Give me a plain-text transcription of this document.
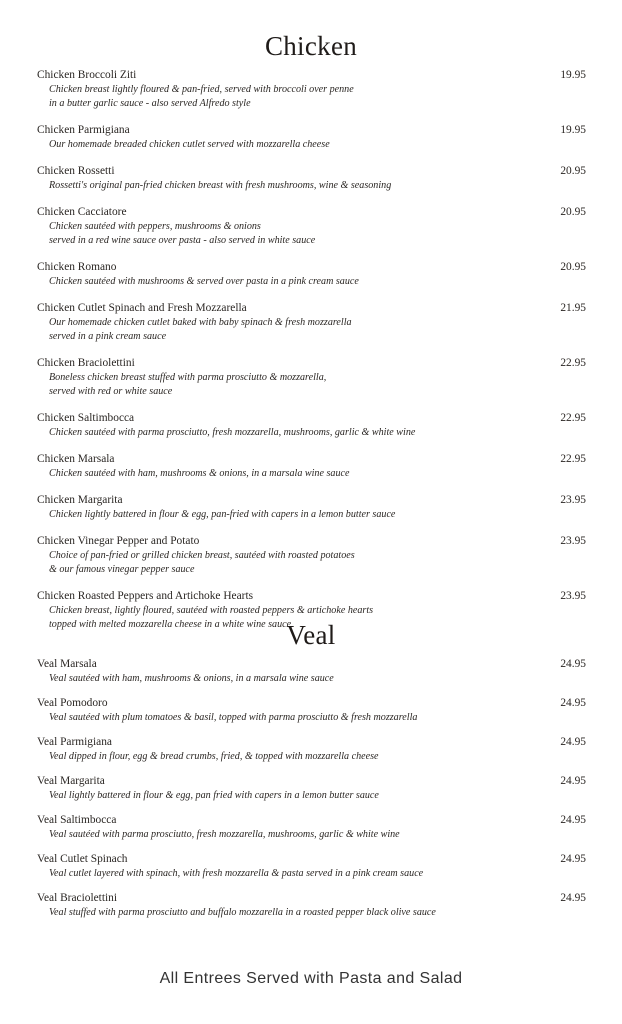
Chicken
Chicken Broccoli Ziti	19.95
Chicken breast lightly floured & pan-fried, served with broccoli over penne
in a butter garlic sauce - also served Alfredo style
Chicken Parmigiana	19.95
Our homemade breaded chicken cutlet served with mozzarella cheese
Chicken Rossetti	20.95
Rossetti's original pan-fried chicken breast with fresh mushrooms, wine & seasoning
Chicken Cacciatore	20.95
Chicken sautéed with peppers, mushrooms & onions
served in a red wine sauce over pasta - also served in white sauce
Chicken Romano	20.95
Chicken sautéed with mushrooms & served over pasta in a pink cream sauce
Chicken Cutlet Spinach and Fresh Mozzarella	21.95
Our homemade chicken cutlet baked with baby spinach & fresh mozzarella
served in a pink cream sauce
Chicken Braciolettini	22.95
Boneless chicken breast stuffed with parma prosciutto & mozzarella,
served with red or white sauce
Chicken Saltimbocca	22.95
Chicken sautéed with parma prosciutto, fresh mozzarella, mushrooms, garlic & white wine
Chicken Marsala	22.95
Chicken sautéed with ham, mushrooms & onions, in a marsala wine sauce
Chicken Margarita	23.95
Chicken lightly battered in flour & egg, pan-fried with capers in a lemon butter sauce
Chicken Vinegar Pepper and Potato	23.95
Choice of pan-fried or grilled chicken breast, sautéed with roasted potatoes
& our famous vinegar pepper sauce
Chicken Roasted Peppers and Artichoke Hearts	23.95
Chicken breast, lightly floured, sautéed with roasted peppers & artichoke hearts
topped with melted mozzarella cheese in a white wine sauce
Veal
Veal Marsala	24.95
Veal sautéed with ham, mushrooms & onions, in a marsala wine sauce
Veal Pomodoro	24.95
Veal sautéed with plum tomatoes & basil, topped with parma prosciutto & fresh mozzarella
Veal Parmigiana	24.95
Veal dipped in flour, egg & bread crumbs, fried, & topped with mozzarella cheese
Veal Margarita	24.95
Veal lightly battered in flour & egg, pan fried with capers in a lemon butter sauce
Veal Saltimbocca	24.95
Veal sautéed with parma prosciutto, fresh mozzarella, mushrooms, garlic & white wine
Veal Cutlet Spinach	24.95
Veal cutlet layered with spinach, with fresh mozzarella & pasta served in a pink cream sauce
Veal Braciolettini	24.95
Veal stuffed with parma prosciutto and buffalo mozzarella in a roasted pepper black olive sauce
All Entrees Served with Pasta and Salad
